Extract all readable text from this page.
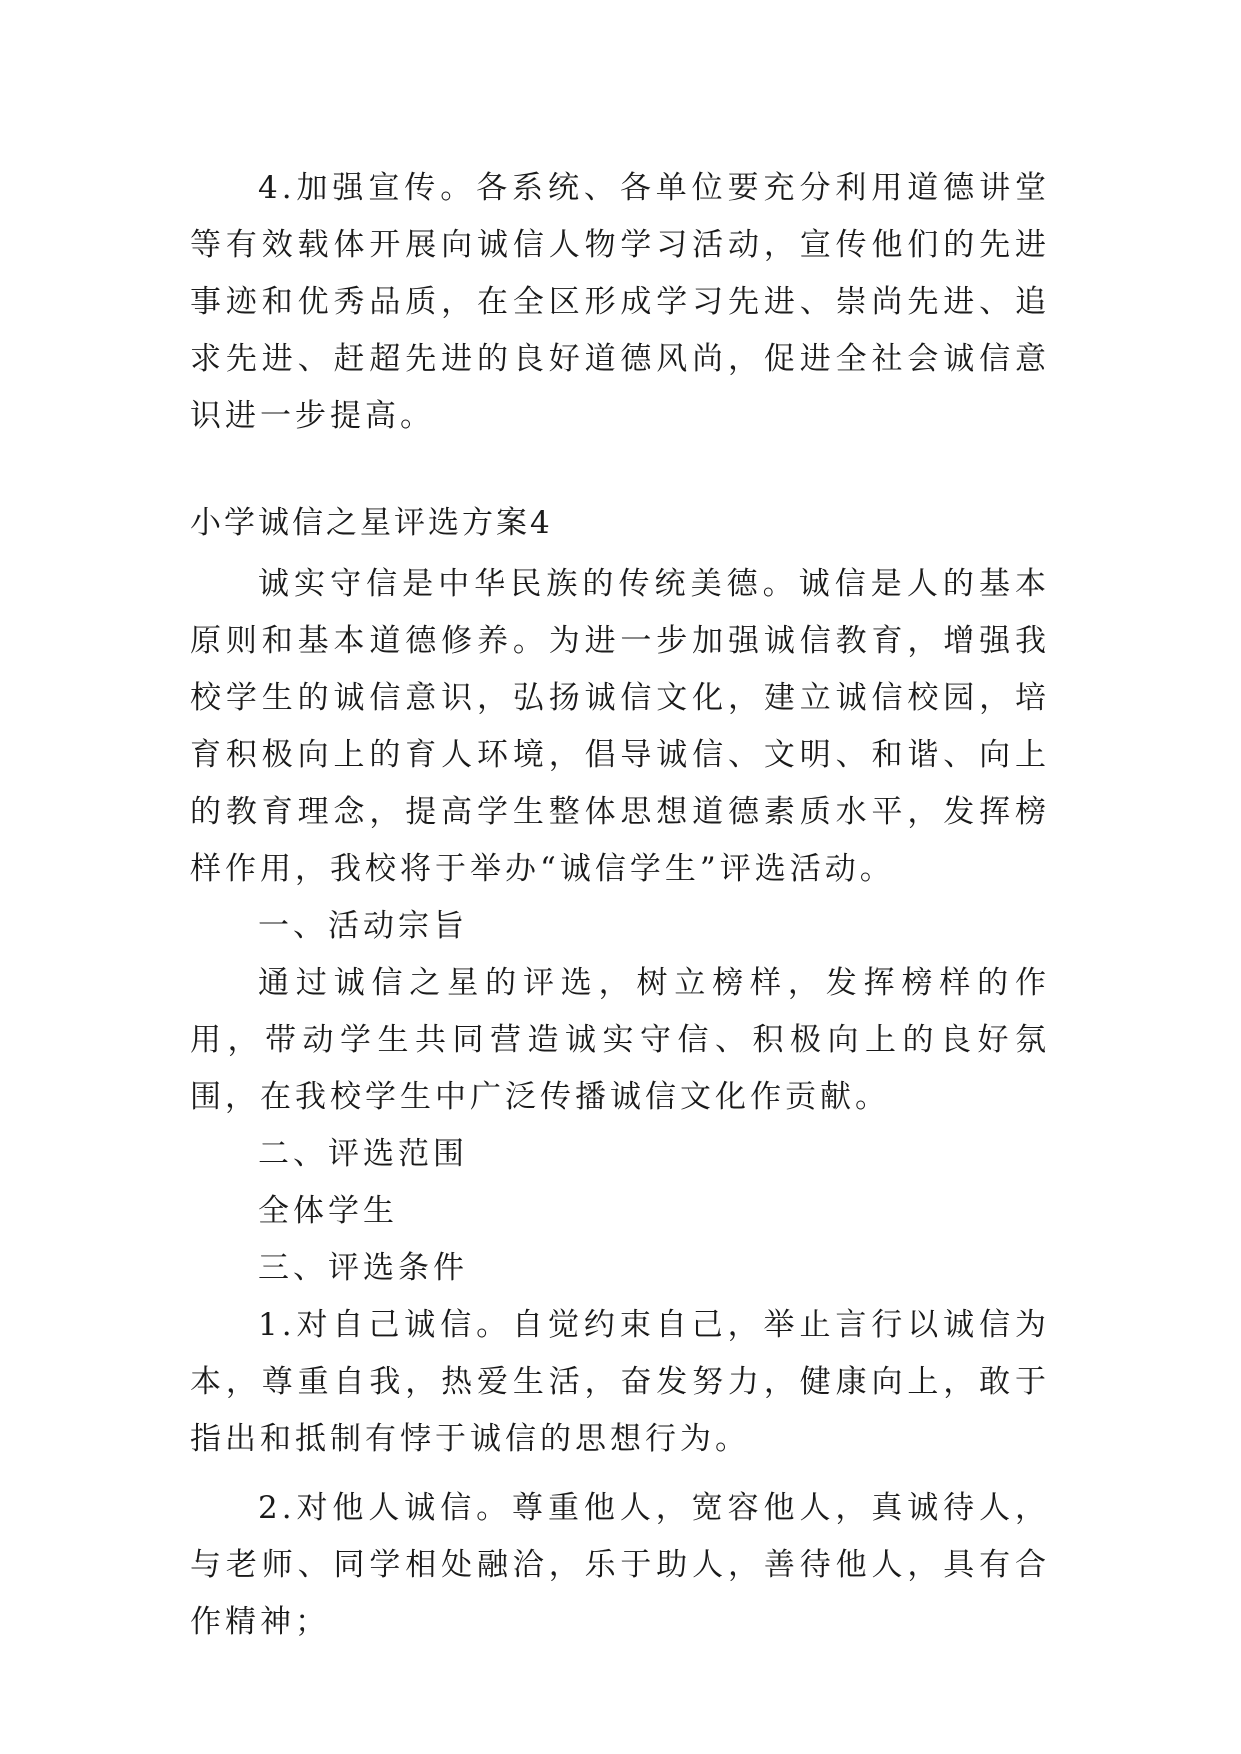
4.加强宣传。各系统、各单位要充分利用道德讲堂等有效载体开展向诚信人物学习活动，宣传他们的先进事迹和优秀品质，在全区形成学习先进、崇尚先进、追求先进、赶超先进的良好道德风尚，促进全社会诚信意识进一步提高。

小学诚信之星评选方案4

诚实守信是中华民族的传统美德。诚信是人的基本原则和基本道德修养。为进一步加强诚信教育，增强我校学生的诚信意识，弘扬诚信文化，建立诚信校园，培育积极向上的育人环境，倡导诚信、文明、和谐、向上的教育理念，提高学生整体思想道德素质水平，发挥榜样作用，我校将于举办“诚信学生”评选活动。

一、活动宗旨

通过诚信之星的评选，树立榜样，发挥榜样的作用，带动学生共同营造诚实守信、积极向上的良好氛围，在我校学生中广泛传播诚信文化作贡献。

二、评选范围

全体学生

三、评选条件

1.对自己诚信。自觉约束自己，举止言行以诚信为本，尊重自我，热爱生活，奋发努力，健康向上，敢于指出和抵制有悖于诚信的思想行为。

2.对他人诚信。尊重他人，宽容他人，真诚待人，与老师、同学相处融洽，乐于助人，善待他人，具有合作精神；
